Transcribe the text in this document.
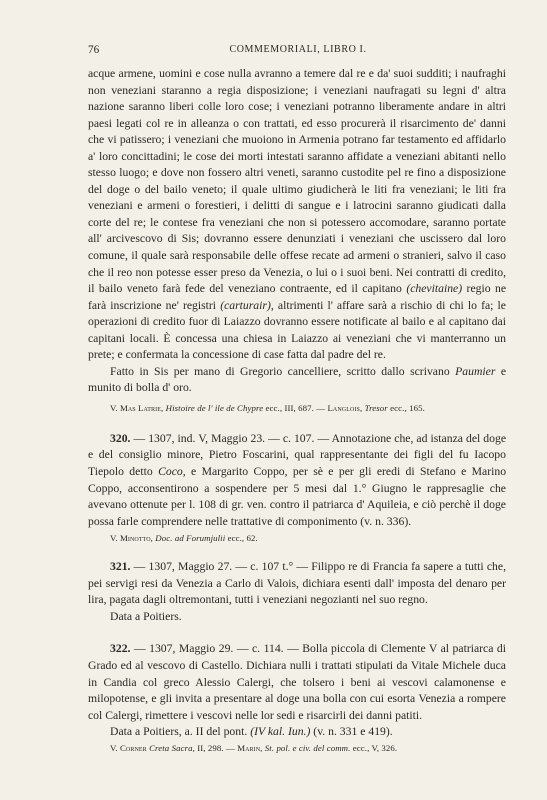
76	COMMEMORIALI, LIBRO I.

acque armene, uomini e cose nulla avranno a temere dal re e da' suoi sudditi; i naufraghi non veneziani staranno a regia disposizione; i veneziani naufragati su legni d' altra nazione saranno liberi colle loro cose; i veneziani potranno liberamente andare in altri paesi legati col re in alleanza o con trattati, ed esso procurerà il risarcimento de' danni che vi patissero; i veneziani che muoiono in Armenia potrano far testamento ed affidarlo a' loro concittadini; le cose dei morti intestati saranno affidate a veneziani abitanti nello stesso luogo; e dove non fossero altri veneti, saranno custodite pel re fino a disposizione del doge o del bailo veneto; il quale ultimo giudicherà le liti fra veneziani; le liti fra veneziani e armeni o forestieri, i delitti di sangue e i latrocini saranno giudicati dalla corte del re; le contese fra veneziani che non si potessero accomodare, saranno portate all' arcivescovo di Sis; dovranno essere denunziati i veneziani che uscissero dal loro comune, il quale sarà responsabile delle offese recate ad armeni o stranieri, salvo il caso che il reo non potesse esser preso da Venezia, o lui o i suoi beni. Nei contratti di credito, il bailo veneto farà fede del veneziano contraente, ed il capitano (chevitaine) regio ne farà inscrizione ne' registri (carturair), altrimenti l' affare sarà a rischio di chi lo fa; le operazioni di credito fuor di Laiazzo dovranno essere notificate al bailo e al capitano dai capitani locali. È concessa una chiesa in Laiazzo ai veneziani che vi manterranno un prete; e confermata la concessione di case fatta dal padre del re.

Fatto in Sis per mano di Gregorio cancelliere, scritto dallo scrivano Paumier e munito di bolla d' oro.

V. Mas Latrie, Histoire de l' ile de Chypre ecc., III, 687. — Langlois, Tresor ecc., 165.

320. — 1307, ind. V, Maggio 23. — c. 107. — Annotazione che, ad istanza del doge e del consiglio minore, Pietro Foscarini, qual rappresentante dei figli del fu Iacopo Tiepolo detto Coco, e Margarito Coppo, per sè e per gli eredi di Stefano e Marino Coppo, acconsentirono a sospendere per 5 mesi dal 1.° Giugno le rappresaglie che avevano ottenute per l. 108 di gr. ven. contro il patriarca d' Aquileia, e ciò perchè il doge possa farle comprendere nelle trattative di componimento (v. n. 336).

V. Minotto, Doc. ad Forumjulii ecc., 62.

321. — 1307, Maggio 27. — c. 107 t.° — Filippo re di Francia fa sapere a tutti che, pei servigi resi da Venezia a Carlo di Valois, dichiara esenti dall' imposta del denaro per lira, pagata dagli oltremontani, tutti i veneziani negozianti nel suo regno.

Data a Poitiers.

322. — 1307, Maggio 29. — c. 114. — Bolla piccola di Clemente V al patriarca di Grado ed al vescovo di Castello. Dichiara nulli i trattati stipulati da Vitale Michele duca in Candia col greco Alessio Calergi, che tolsero i beni ai vescovi calamonense e milopotense, e gli invita a presentare al doge una bolla con cui esorta Venezia a rompere col Calergi, rimettere i vescovi nelle lor sedi e risarcirli dei danni patiti.

Data a Poitiers, a. II del pont. (IV kal. Iun.) (v. n. 331 e 419).

V. Corner Creta Sacra, II, 298. — Marin, St. pol. e civ. del comm. ecc., V, 326.
